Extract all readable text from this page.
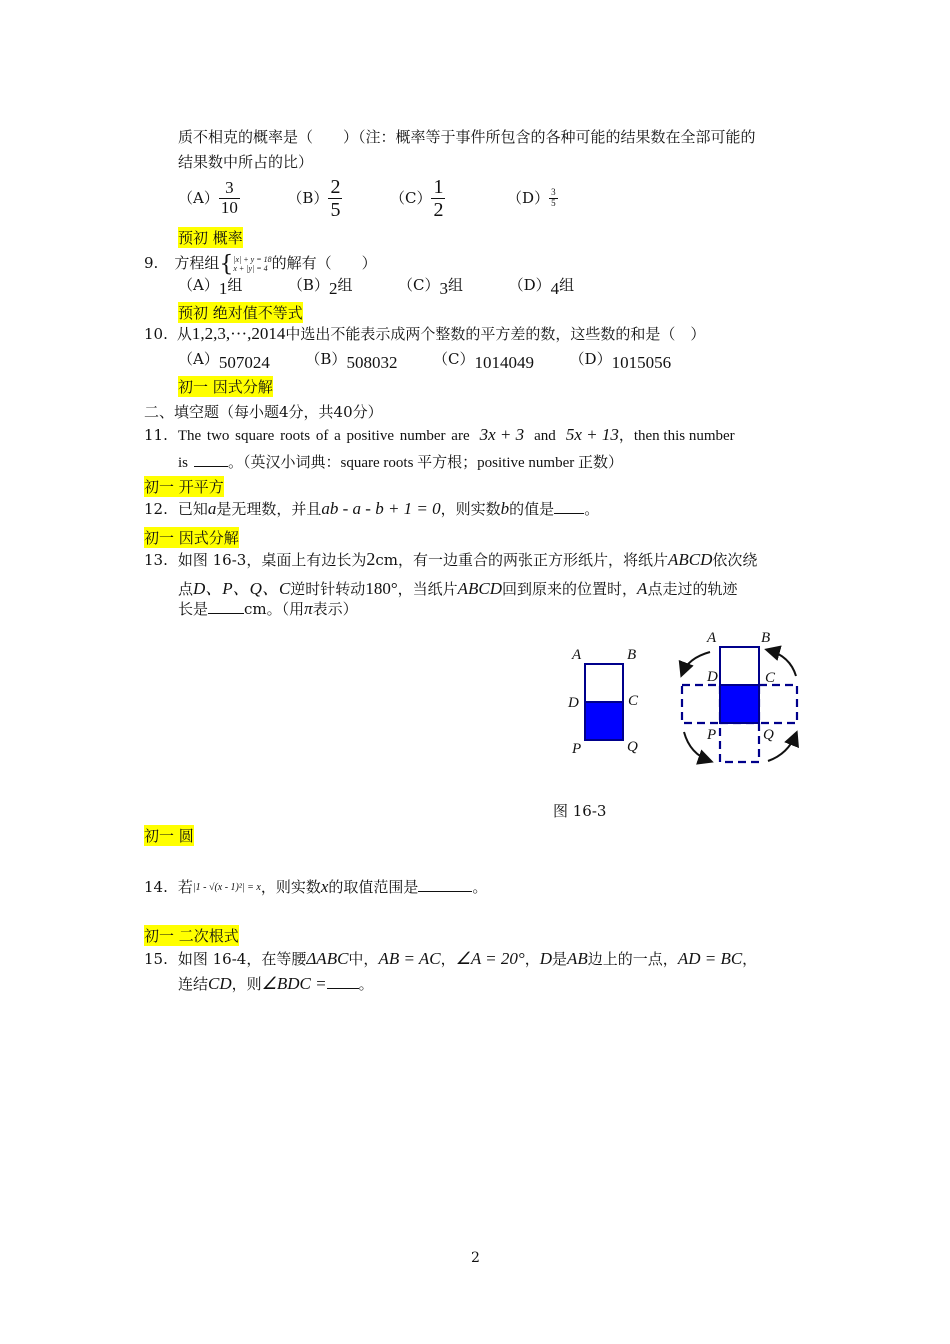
质不相克的概率是（　　）（注：概率等于事件所包含的各种可能的结果数在全部可能的
结果数中所占的比）
$(A) \frac{3}{10}$	$(B) \frac{2}{5}$	$(C) \frac{1}{2}$	$(D) \frac{3}{5}$
预初 概率
9. 方程组{ |x| + y = 18
x + |y| = 4 的解有（　　）
（A）1组	（B）2组	（C）3组	（D）4组
预初 绝对值不等式
10. 从1,2,3,···,2014中选出不能表示成两个整数的平方差的数，这些数的和是（　）
（A）507024 （B）508032 （C）1014049 （D）1015056
初一 因式分解
二、填空题（每小题4分，共40分）
11. The two square roots of a positive number are 3x + 3 and 5x + 13，then this number
is	。（英汉小词典：square roots 平方根；positive number 正数）
初一 开平方
12. 已知a是无理数，并且ab - a - b + 1 = 0，则实数b的值是 。
初一 因式分解
13. 如图 16-3，桌面上有边长为2cm，有一边重合的两张正方形纸片，将纸片ABCD依次绕
点D、P、Q、C逆时针转动180°，当纸片ABCD回到原来的位置时，A点走过的轨迹
长是 cm。（用π表示）
A	B
D	C
P	Q
A	B
D	C
P	Q
图 16-3
初一 圆
14. 若|1 - √(x - 1)²| = x，则实数x的取值范围是	。
初一 二次根式
15. 如图 16-4，在等腰ΔABC中，AB = AC，∠A = 20°，D是AB边上的一点，AD = BC，
连结CD，则∠BDC = 。
2
